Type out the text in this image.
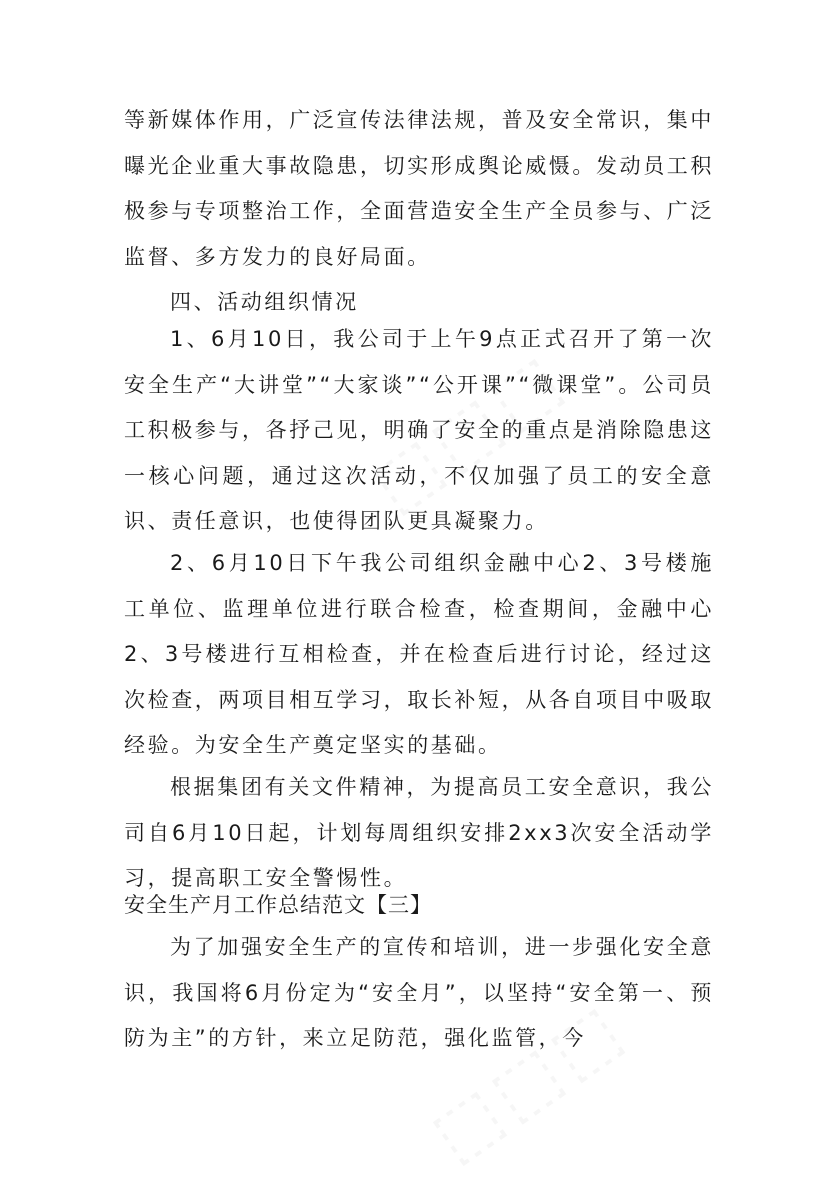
等新媒体作用，广泛宣传法律法规，普及安全常识，集中曝光企业重大事故隐患，切实形成舆论威慑。发动员工积极参与专项整治工作，全面营造安全生产全员参与、广泛监督、多方发力的良好局面。

四、活动组织情况

1、6月10日，我公司于上午9点正式召开了第一次安全生产“大讲堂”“大家谈”“公开课”“微课堂”。公司员工积极参与，各抒己见，明确了安全的重点是消除隐患这一核心问题，通过这次活动，不仅加强了员工的安全意识、责任意识，也使得团队更具凝聚力。

2、6月10日下午我公司组织金融中心2、3号楼施工单位、监理单位进行联合检查，检查期间，金融中心2、3号楼进行互相检查，并在检查后进行讨论，经过这次检查，两项目相互学习，取长补短，从各自项目中吸取经验。为安全生产奠定坚实的基础。

根据集团有关文件精神，为提高员工安全意识，我公司自6月10日起，计划每周组织安排2xx3次安全活动学习，提高职工安全警惕性。

安全生产月工作总结范文【三】

为了加强安全生产的宣传和培训，进一步强化安全意识，我国将6月份定为“安全月”，以坚持“安全第一、预防为主”的方针，来立足防范，强化监管，今
